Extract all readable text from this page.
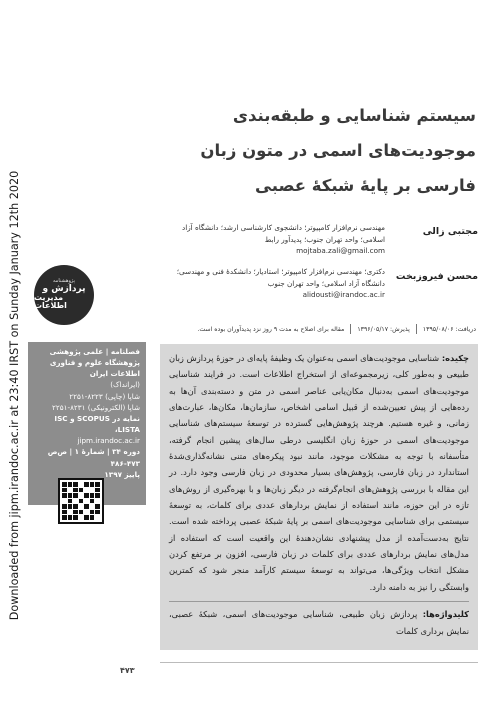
Downloaded from jipm.irandoc.ac.ir at 23:40 IRST on Sunday January 12th 2020	پژوهشنامه
پردازش و
مدیریت اطلاعات
فصلنامه | علمی پژوهشی
پژوهشگاه علوم و فناوری اطلاعات ایران
(ایرانداک)
شاپا (چاپی) ۸۲۲۳-۲۲۵۱
شاپا (الکترونیکی) ۸۲۳۱-۲۲۵۱
نمایه در SCOPUS و ISC ،LISTA
jipm.irandoc.ac.ir
دوره ۳۴ | شمارۀ ۱ | ص‌ص ۴۷۳-۴۸۶
پاییز ۱۳۹۷
سیستم شناسایی و طبقه‌بندی موجودیت‌های اسمی در متون زبان فارسی بر پایۀ شبکۀ عصبی
مجتبی زالی
مهندسی نرم‌افزار کامپیوتر؛ دانشجوی کارشناسی ارشد؛ دانشگاه آزاد اسلامی؛ واحد تهران جنوب؛ پدیدآور رابط
mojtaba.zali@gmail.com
محسن فیروزبخت
دکتری؛ مهندسی نرم‌افزار کامپیوتر؛ استادیار؛ دانشکدۀ فنی و مهندسی؛ دانشگاه آزاد اسلامی؛ واحد تهران جنوب
alidousti@irandoc.ac.ir
دریافت: ۱۳۹۵/۰۸/۰۶
پذیرش: ۱۳۹۶/۰۵/۱۷
مقاله برای اصلاح به مدت ۹ روز نزد پدیدآوران بوده است.

چکیده: شناسایی موجودیت‌های اسمی به‌عنوان یک وظیفۀ پایه‌ای در حوزۀ پردازش زبان طبیعی و به‌طور کلی، زیرمجموعه‌ای از استخراج اطلاعات است. در فرایند شناسایی موجودیت‌های اسمی به‌دنبال مکان‌یابی عناصر اسمی در متن و دسته‌بندی آن‌ها به رده‌هایی از پیش تعیین‌شده از قبیل اسامی اشخاص، سازمان‌ها، مکان‌ها، عبارت‌های زمانی، و غیره هستیم. هرچند پژوهش‌هایی گسترده در توسعۀ سیستم‌های شناسایی موجودیت‌های اسمی در حوزۀ زبان انگلیسی درطی سال‌های پیشین انجام گرفته، متأسفانه با توجه به مشکلات موجود، مانند نبود پیکره‌های متنی نشانه‌گذاری‌شدۀ استاندارد در زبان فارسی، پژوهش‌های بسیار محدودی در زبان فارسی وجود دارد. در این مقاله با بررسی پژوهش‌های انجام‌گرفته در دیگر زبان‌ها و با بهره‌گیری از روش‌های تازه در این حوزه، مانند استفاده از نمایش بردارهای عددی برای کلمات، به توسعۀ سیستمی برای شناسایی موجودیت‌های اسمی بر پایۀ شبکۀ عصبی پرداخته شده است. نتایج به‌دست‌آمده از مدل پیشنهادی نشان‌دهندۀ این واقعیت است که استفاده از مدل‌های نمایش بردارهای عددی برای کلمات در زبان فارسی، افزون بر مرتفع کردن مشکل انتخاب ویژگی‌ها، می‌تواند به توسعۀ سیستم کارآمد منجر شود که کمترین وابستگی را نیز به دامنه دارد.

کلیدواژه‌ها: پردازش زبان طبیعی، شناسایی موجودیت‌های اسمی، شبکۀ عصبی، نمایش برداری کلمات

۴۷۳
